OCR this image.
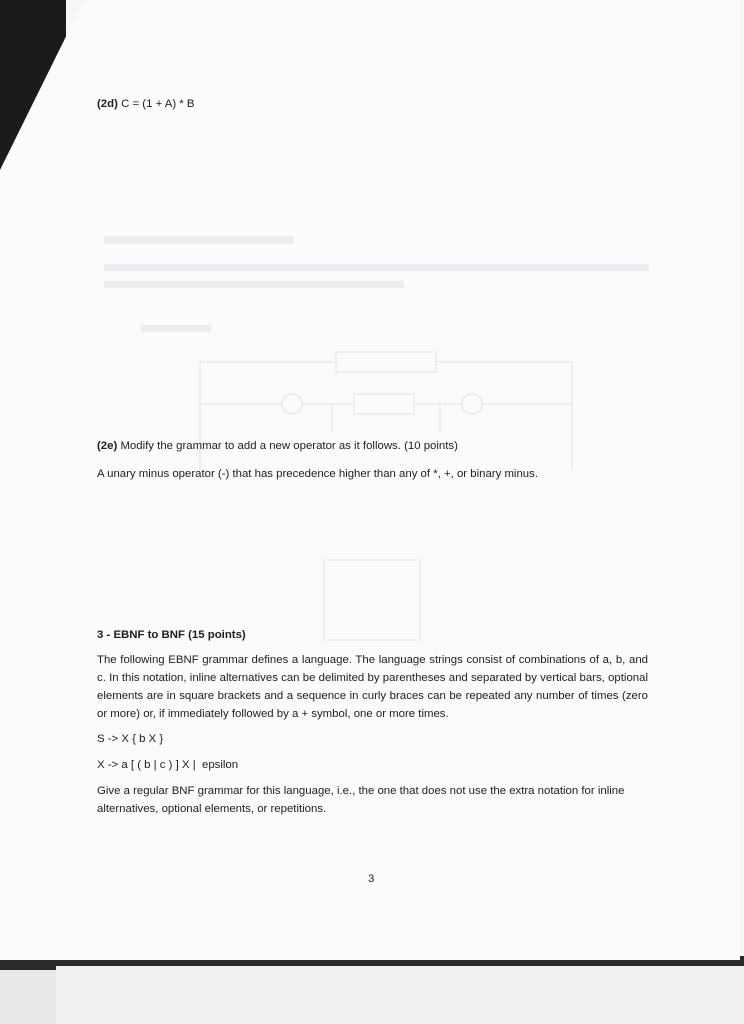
(2d) C = (1 + A) * B

(2e) Modify the grammar to add a new operator as it follows. (10 points)

A unary minus operator (-) that has precedence higher than any of *, +, or binary minus.

3 - EBNF to BNF (15 points)

The following EBNF grammar defines a language. The language strings consist of combinations of a, b, and c. In this notation, inline alternatives can be delimited by parentheses and separated by vertical bars, optional elements are in square brackets and a sequence in curly braces can be repeated any number of times (zero or more) or, if immediately followed by a + symbol, one or more times.

S -> X { b X }

X -> a [ ( b | c ) ] X |  epsilon

Give a regular BNF grammar for this language, i.e., the one that does not use the extra notation for inline alternatives, optional elements, or repetitions.

3
